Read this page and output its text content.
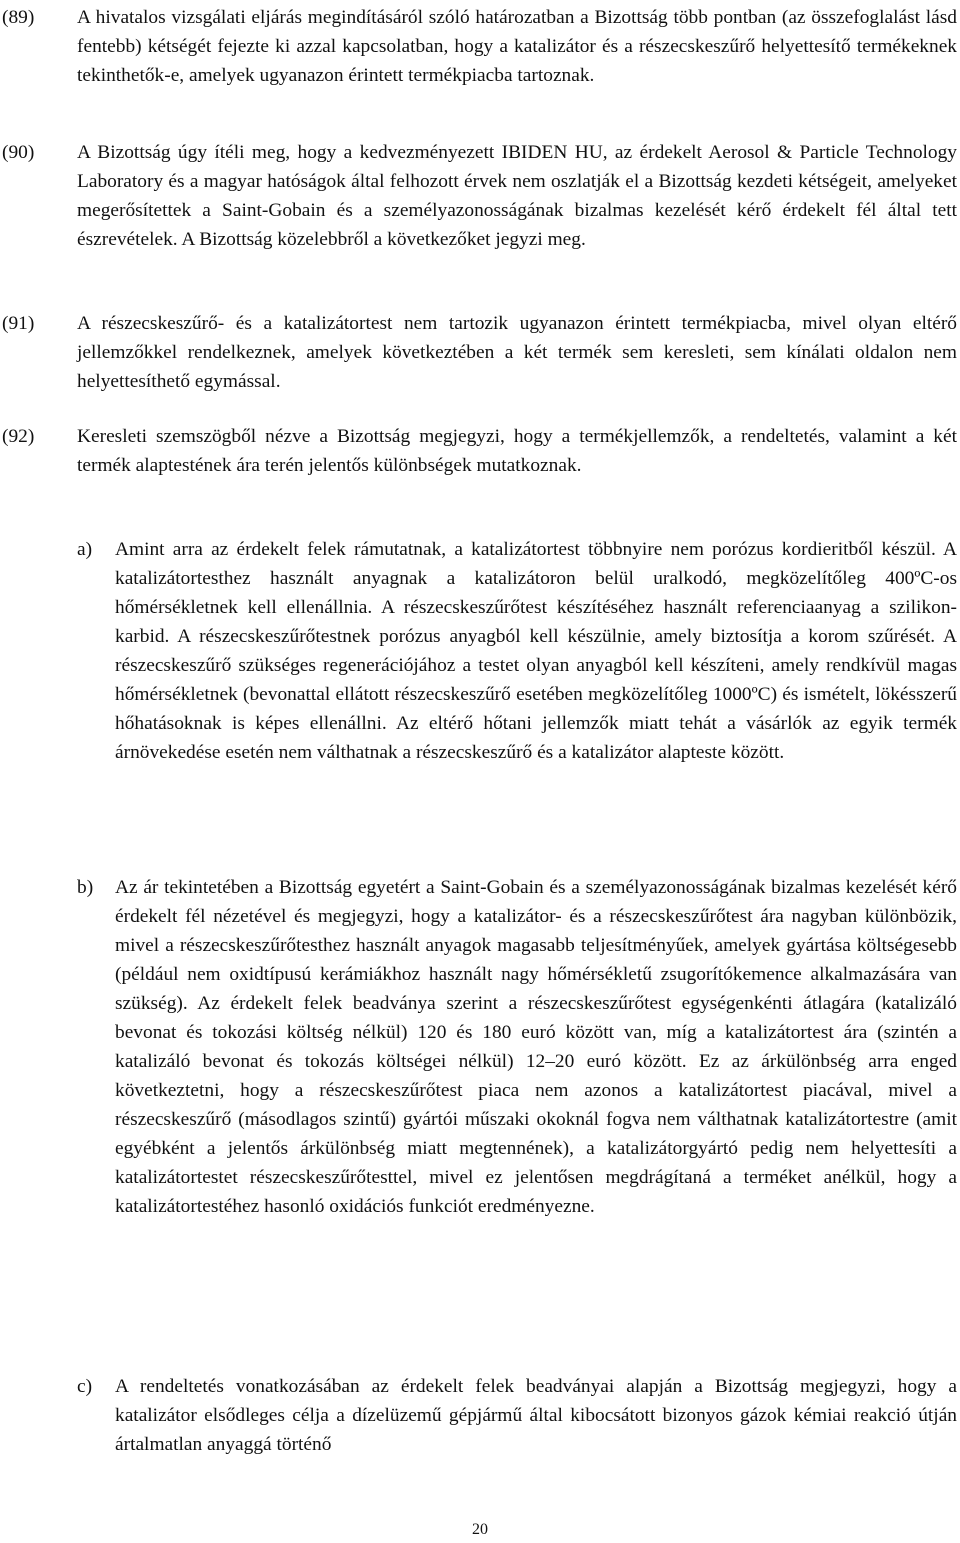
(89)	A hivatalos vizsgálati eljárás megindításáról szóló határozatban a Bizottság több pontban (az összefoglalást lásd fentebb) kétségét fejezte ki azzal kapcsolatban, hogy a katalizátor és a részecskeszűrő helyettesítő termékeknek tekinthetők-e, amelyek ugyanazon érintett termékpiacba tartoznak.
(90)	A Bizottság úgy ítéli meg, hogy a kedvezményezett IBIDEN HU, az érdekelt Aerosol & Particle Technology Laboratory és a magyar hatóságok által felhozott érvek nem oszlatják el a Bizottság kezdeti kétségeit, amelyeket megerősítettek a Saint-Gobain és a személyazonosságának bizalmas kezelését kérő érdekelt fél által tett észrevételek. A Bizottság közelebbről a következőket jegyzi meg.
(91)	A részecskeszűrő- és a katalizátortest nem tartozik ugyanazon érintett termékpiacba, mivel olyan eltérő jellemzőkkel rendelkeznek, amelyek következtében a két termék sem keresleti, sem kínálati oldalon nem helyettesíthető egymással.
(92)	Keresleti szemszögből nézve a Bizottság megjegyzi, hogy a termékjellemzők, a rendeltetés, valamint a két termék alaptestének ára terén jelentős különbségek mutatkoznak.
a)	Amint arra az érdekelt felek rámutatnak, a katalizátortest többnyire nem porózus kordieritből készül. A katalizátortesthez használt anyagnak a katalizátoron belül uralkodó, megközelítőleg 400ºC-os hőmérsékletnek kell ellenállnia. A részecskeszűrőtest készítéséhez használt referenciaanyag a szilikon-karbid. A részecskeszűrőtestnek porózus anyagból kell készülnie, amely biztosítja a korom szűrését. A részecskeszűrő szükséges regenerációjához a testet olyan anyagból kell készíteni, amely rendkívül magas hőmérsékletnek (bevonattal ellátott részecskeszűrő esetében megközelítőleg 1000ºC) és ismételt, lökésszerű hőhatásoknak is képes ellenállni. Az eltérő hőtani jellemzők miatt tehát a vásárlók az egyik termék árnövekedése esetén nem válthatnak a részecskeszűrő és a katalizátor alapteste között.
b)	Az ár tekintetében a Bizottság egyetért a Saint-Gobain és a személyazonosságának bizalmas kezelését kérő érdekelt fél nézetével és megjegyzi, hogy a katalizátor- és a részecskeszűrőtest ára nagyban különbözik, mivel a részecskeszűrőtesthez használt anyagok magasabb teljesítményűek, amelyek gyártása költségesebb (például nem oxidtípusú kerámiákhoz használt nagy hőmérsékletű zsugorítókemence alkalmazására van szükség). Az érdekelt felek beadványa szerint a részecskeszűrőtest egységenkénti átlagára (katalizáló bevonat és tokozási költség nélkül) 120 és 180 euró között van, míg a katalizátortest ára (szintén a katalizáló bevonat és tokozás költségei nélkül) 12–20 euró között. Ez az árkülönbség arra enged következtetni, hogy a részecskeszűrőtest piaca nem azonos a katalizátortest piacával, mivel a részecskeszűrő (másodlagos szintű) gyártói műszaki okoknál fogva nem válthatnak katalizátortestre (amit egyébként a jelentős árkülönbség miatt megtennének), a katalizátorgyártó pedig nem helyettesíti a katalizátortestet részecskeszűrőtesttel, mivel ez jelentősen megdrágítaná a terméket anélkül, hogy a katalizátortestéhez hasonló oxidációs funkciót eredményezne.
c)	A rendeltetés vonatkozásában az érdekelt felek beadványai alapján a Bizottság megjegyzi, hogy a katalizátor elsődleges célja a dízelüzemű gépjármű által kibocsátott bizonyos gázok kémiai reakció útján ártalmatlan anyaggá történő
20
